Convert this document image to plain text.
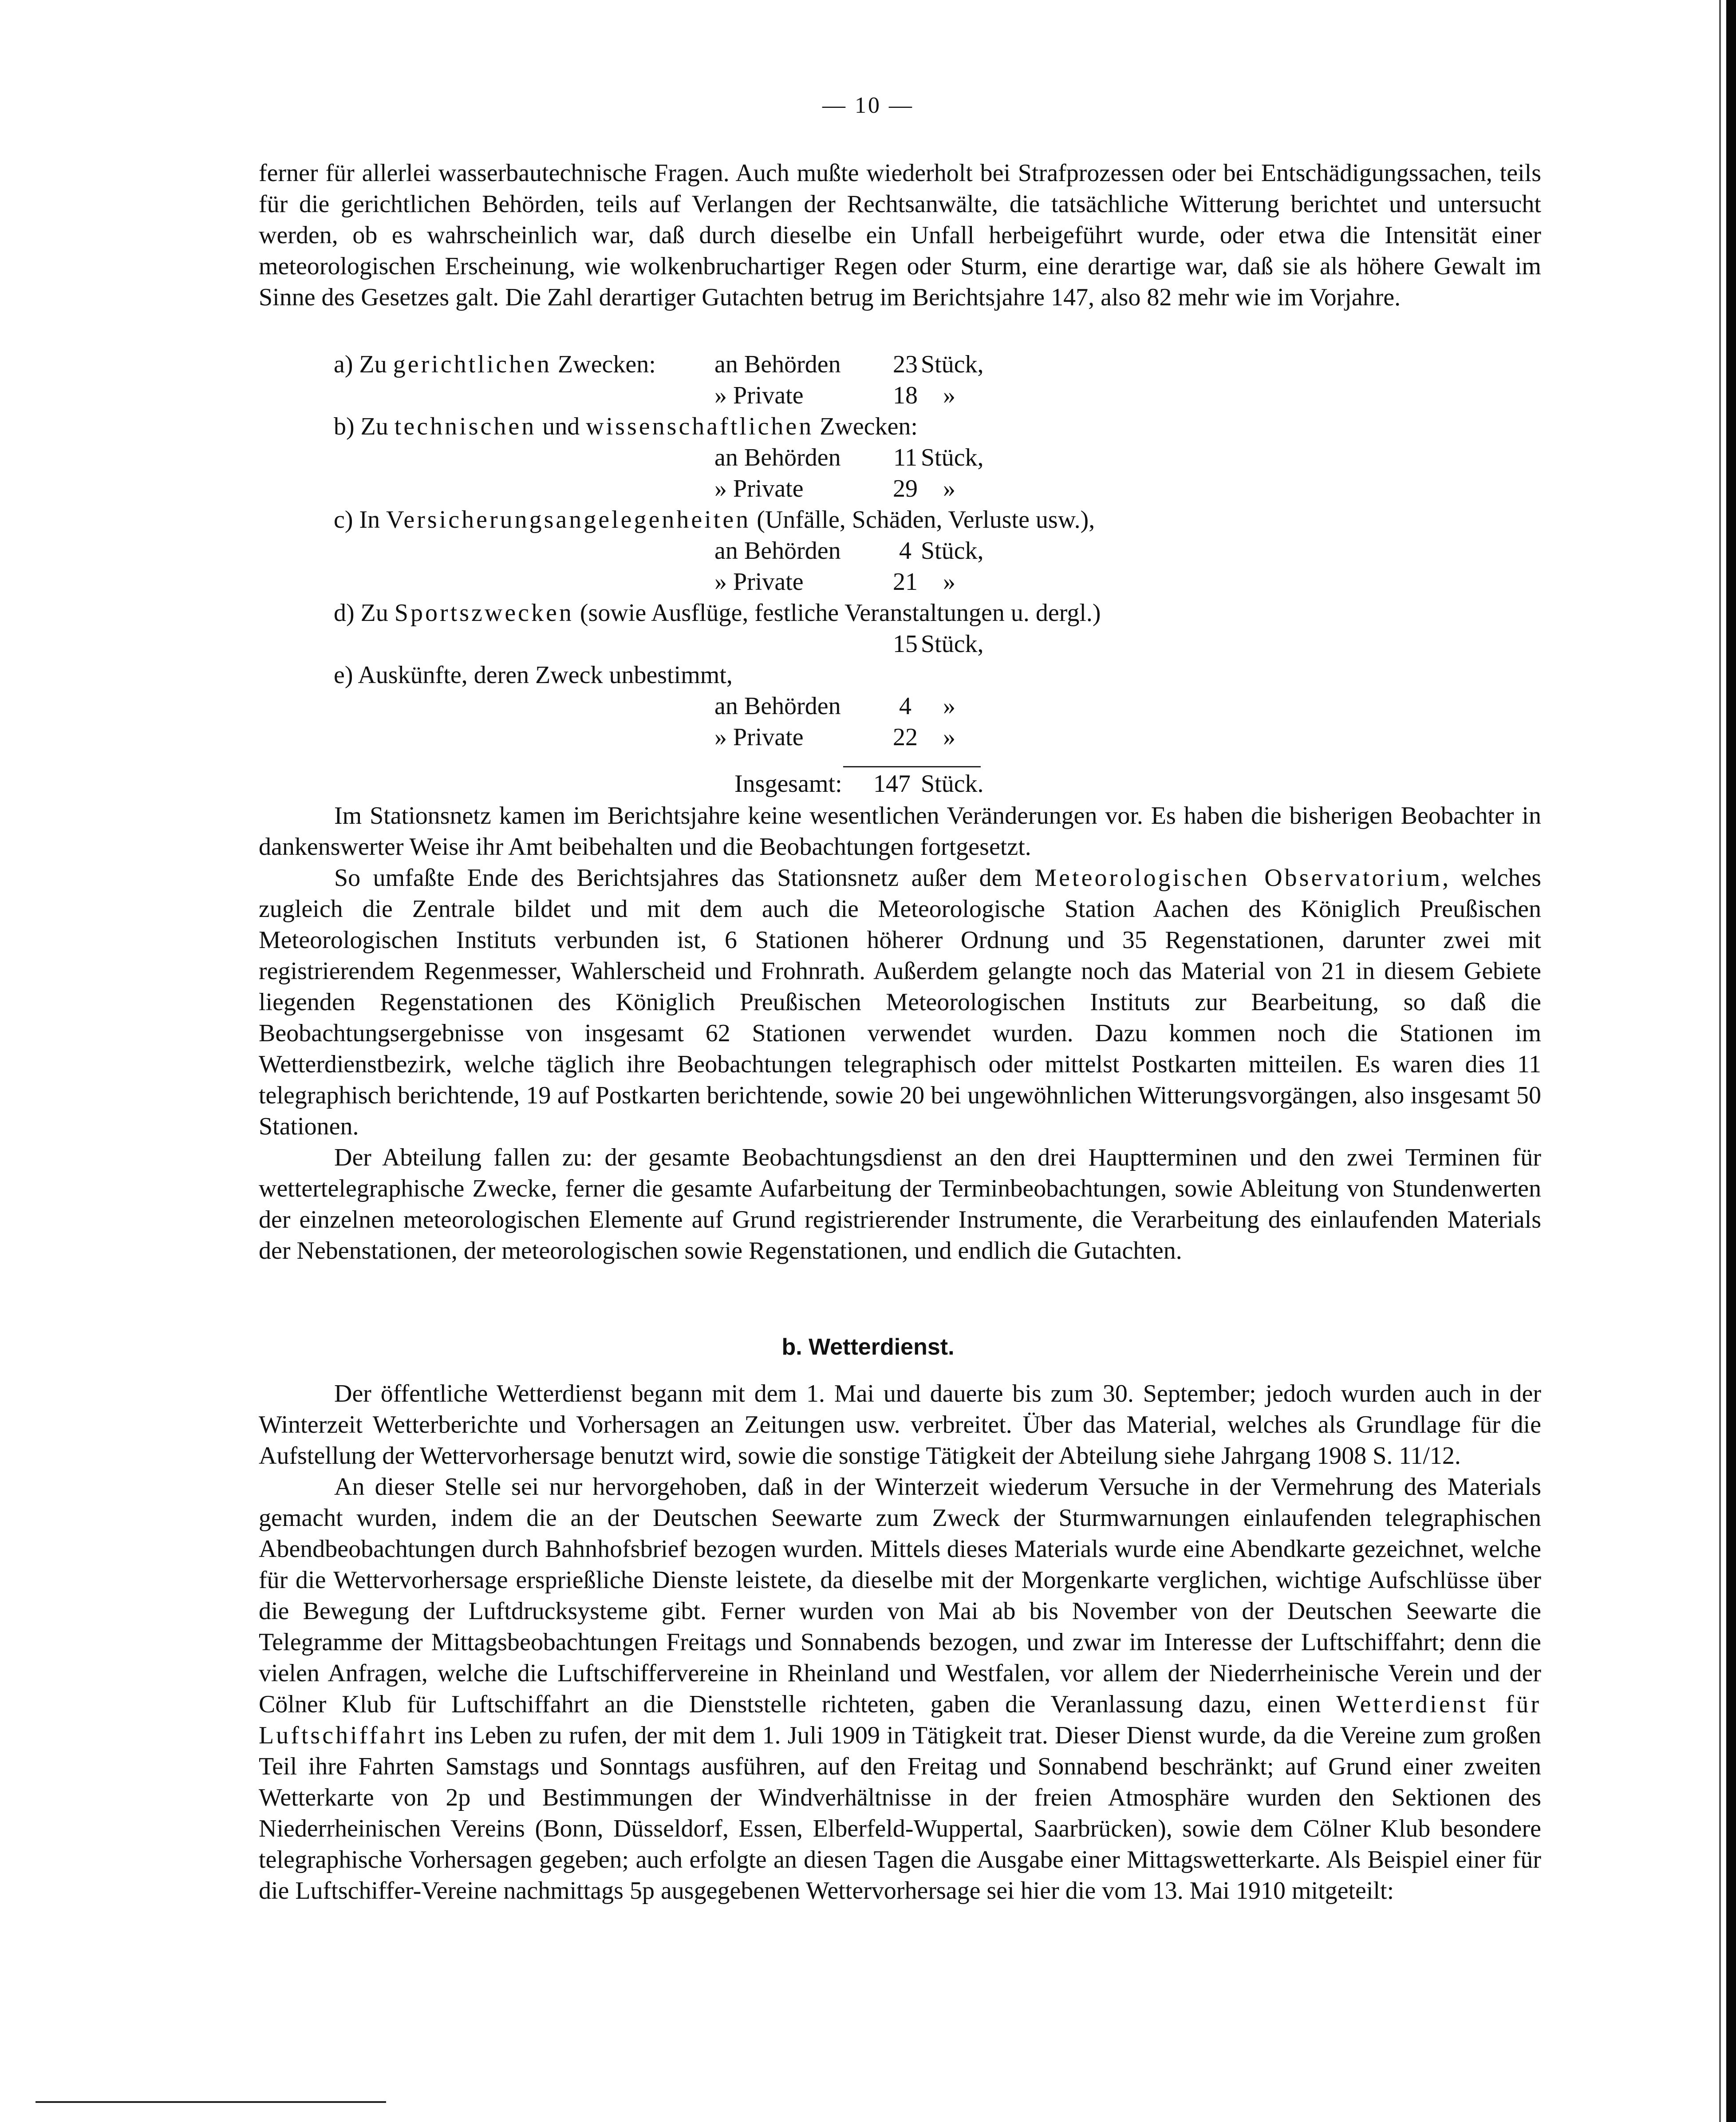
— 10 —

ferner für allerlei wasserbautechnische Fragen. Auch mußte wiederholt bei Strafprozessen oder bei Entschädigungssachen, teils für die gerichtlichen Behörden, teils auf Verlangen der Rechtsanwälte, die tatsächliche Witterung berichtet und untersucht werden, ob es wahrscheinlich war, daß durch dieselbe ein Unfall herbeigeführt wurde, oder etwa die Intensität einer meteorologischen Erscheinung, wie wolkenbruchartiger Regen oder Sturm, eine derartige war, daß sie als höhere Gewalt im Sinne des Gesetzes galt. Die Zahl derartiger Gutachten betrug im Berichtsjahre 147, also 82 mehr wie im Vorjahre.

a) Zu gerichtlichen Zwecken: an Behörden	23 Stück,
» Private	18	»
b) Zu technischen und wissenschaftlichen Zwecken:
an Behörden	11 Stück,
» Private	29	»
c) In Versicherungsangelegenheiten (Unfälle, Schäden, Verluste usw.),
an Behörden	4 Stück,
» Private	21	»
d) Zu Sportszwecken (sowie Ausflüge, festliche Veranstaltungen u. dergl.)
15 Stück,
e) Auskünfte, deren Zweck unbestimmt,
an Behörden	4	»
» Private	22	»
Insgesamt:	147 Stück.

Im Stationsnetz kamen im Berichtsjahre keine wesentlichen Veränderungen vor. Es haben die bisherigen Beobachter in dankenswerter Weise ihr Amt beibehalten und die Beobachtungen fortgesetzt.

So umfaßte Ende des Berichtsjahres das Stationsnetz außer dem Meteorologischen Observatorium, welches zugleich die Zentrale bildet und mit dem auch die Meteorologische Station Aachen des Königlich Preußischen Meteorologischen Instituts verbunden ist, 6 Stationen höherer Ordnung und 35 Regenstationen, darunter zwei mit registrierendem Regenmesser, Wahlerscheid und Frohnrath. Außerdem gelangte noch das Material von 21 in diesem Gebiete liegenden Regenstationen des Königlich Preußischen Meteorologischen Instituts zur Bearbeitung, so daß die Beobachtungsergebnisse von insgesamt 62 Stationen verwendet wurden. Dazu kommen noch die Stationen im Wetterdienstbezirk, welche täglich ihre Beobachtungen telegraphisch oder mittelst Postkarten mitteilen. Es waren dies 11 telegraphisch berichtende, 19 auf Postkarten berichtende, sowie 20 bei ungewöhnlichen Witterungsvorgängen, also insgesamt 50 Stationen.

Der Abteilung fallen zu: der gesamte Beobachtungsdienst an den drei Hauptterminen und den zwei Terminen für wettertelegraphische Zwecke, ferner die gesamte Aufarbeitung der Terminbeobachtungen, sowie Ableitung von Stundenwerten der einzelnen meteorologischen Elemente auf Grund registrierender Instrumente, die Verarbeitung des einlaufenden Materials der Nebenstationen, der meteorologischen sowie Regenstationen, und endlich die Gutachten.

b. Wetterdienst.

Der öffentliche Wetterdienst begann mit dem 1. Mai und dauerte bis zum 30. September; jedoch wurden auch in der Winterzeit Wetterberichte und Vorhersagen an Zeitungen usw. verbreitet. Über das Material, welches als Grundlage für die Aufstellung der Wettervorhersage benutzt wird, sowie die sonstige Tätigkeit der Abteilung siehe Jahrgang 1908 S. 11/12.

An dieser Stelle sei nur hervorgehoben, daß in der Winterzeit wiederum Versuche in der Vermehrung des Materials gemacht wurden, indem die an der Deutschen Seewarte zum Zweck der Sturmwarnungen einlaufenden telegraphischen Abendbeobachtungen durch Bahnhofsbrief bezogen wurden. Mittels dieses Materials wurde eine Abendkarte gezeichnet, welche für die Wettervorhersage ersprießliche Dienste leistete, da dieselbe mit der Morgenkarte verglichen, wichtige Aufschlüsse über die Bewegung der Luftdrucksysteme gibt. Ferner wurden von Mai ab bis November von der Deutschen Seewarte die Telegramme der Mittagsbeobachtungen Freitags und Sonnabends bezogen, und zwar im Interesse der Luftschiffahrt; denn die vielen Anfragen, welche die Luftschiffervereine in Rheinland und Westfalen, vor allem der Niederrheinische Verein und der Cölner Klub für Luftschiffahrt an die Dienststelle richteten, gaben die Veranlassung dazu, einen Wetterdienst für Luftschiffahrt ins Leben zu rufen, der mit dem 1. Juli 1909 in Tätigkeit trat. Dieser Dienst wurde, da die Vereine zum großen Teil ihre Fahrten Samstags und Sonntags ausführen, auf den Freitag und Sonnabend beschränkt; auf Grund einer zweiten Wetterkarte von 2p und Bestimmungen der Windverhältnisse in der freien Atmosphäre wurden den Sektionen des Niederrheinischen Vereins (Bonn, Düsseldorf, Essen, Elberfeld-Wuppertal, Saarbrücken), sowie dem Cölner Klub besondere telegraphische Vorhersagen gegeben; auch erfolgte an diesen Tagen die Ausgabe einer Mittagswetterkarte. Als Beispiel einer für die Luftschiffer-Vereine nachmittags 5p ausgegebenen Wettervorhersage sei hier die vom 13. Mai 1910 mitgeteilt:
